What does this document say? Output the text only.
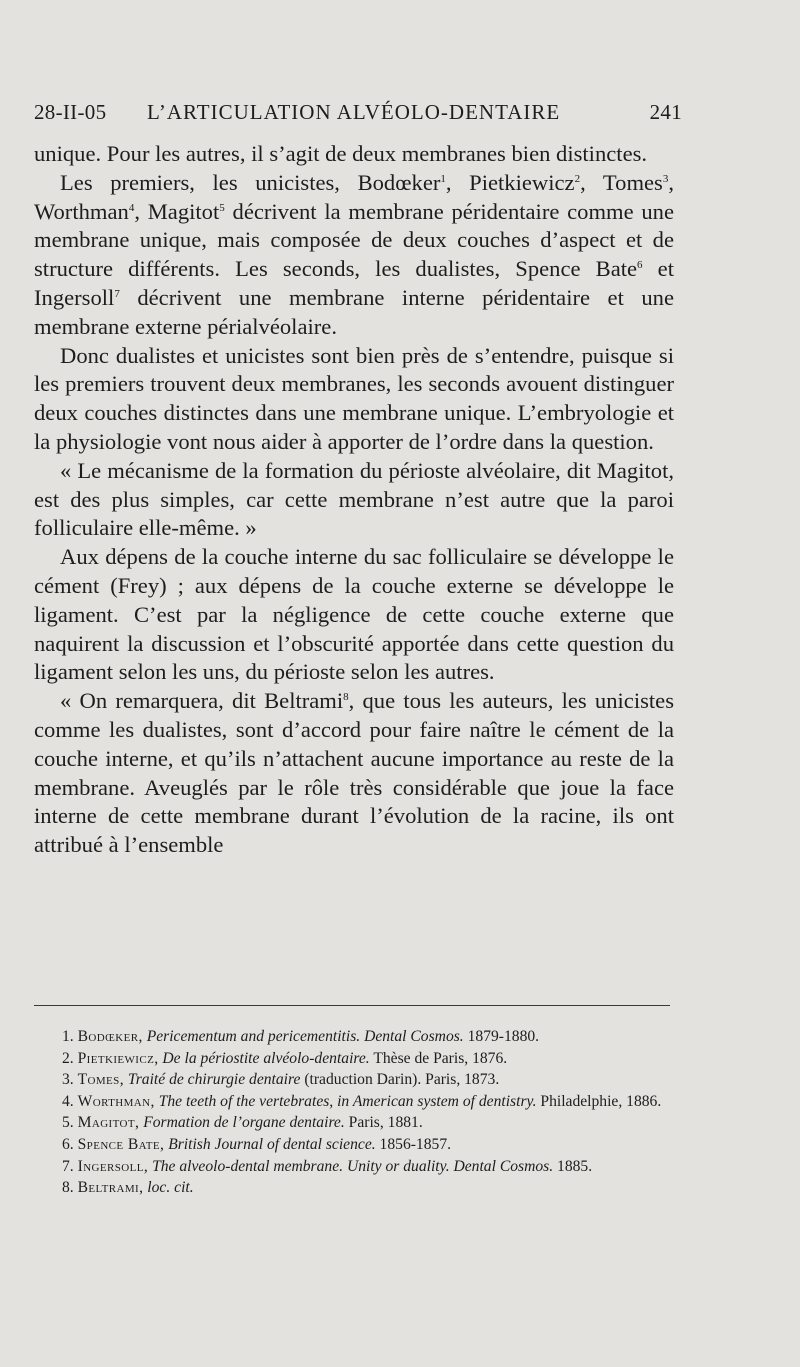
28-II-05 L’ARTICULATION ALVÉOLO-DENTAIRE	241

unique. Pour les autres, il s’agit de deux membranes bien distinctes.

Les premiers, les unicistes, Bodœker$^1$, Pietkiewicz$^2$, Tomes$^3$, Worthman$^4$, Magitot$^5$ décrivent la membrane péridentaire comme une membrane unique, mais composée de deux couches d’aspect et de structure différents. Les seconds, les dualistes, Spence Bate$^6$ et Ingersoll$^7$ décrivent une membrane interne péridentaire et une membrane externe périalvéolaire.

Donc dualistes et unicistes sont bien près de s’entendre, puisque si les premiers trouvent deux membranes, les seconds avouent distinguer deux couches distinctes dans une membrane unique. L’embryologie et la physiologie vont nous aider à apporter de l’ordre dans la question.

« Le mécanisme de la formation du périoste alvéolaire, dit Magitot, est des plus simples, car cette membrane n’est autre que la paroi folliculaire elle-même. »

Aux dépens de la couche interne du sac folliculaire se développe le cément (Frey) ; aux dépens de la couche externe se développe le ligament. C’est par la négligence de cette couche externe que naquirent la discussion et l’obscurité apportée dans cette question du ligament selon les uns, du périoste selon les autres.

« On remarquera, dit Beltrami$^8$, que tous les auteurs, les unicistes comme les dualistes, sont d’accord pour faire naître le cément de la couche interne, et qu’ils n’attachent aucune importance au reste de la membrane. Aveuglés par le rôle très considérable que joue la face interne de cette membrane durant l’évolution de la racine, ils ont attribué à l’ensemble

1. Bodœker, Pericementum and pericementitis. Dental Cosmos. 1879-1880.

2. Pietkiewicz, De la périostite alvéolo-dentaire. Thèse de Paris, 1876.

3. Tomes, Traité de chirurgie dentaire (traduction Darin). Paris, 1873.

4. Worthman, The teeth of the vertebrates, in American system of dentistry. Philadelphie, 1886.

5. Magitot, Formation de l’organe dentaire. Paris, 1881.

6. Spence Bate, British Journal of dental science. 1856-1857.

7. Ingersoll, The alveolo-dental membrane. Unity or duality. Dental Cosmos. 1885.

8. Beltrami, loc. cit.
